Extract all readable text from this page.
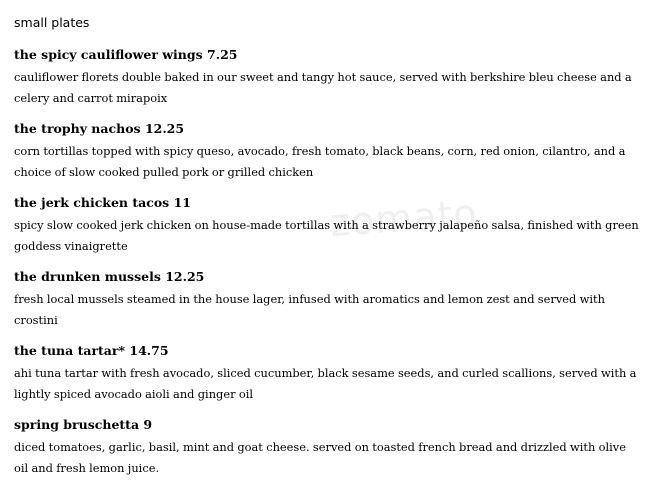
small plates
the spicy cauliflower wings 7.25

cauliflower florets double baked in our sweet and tangy hot sauce, served with berkshire bleu cheese and a celery and carrot mirapoix

the trophy nachos 12.25

corn tortillas topped with spicy queso, avocado, fresh tomato, black beans, corn, red onion, cilantro, and a choice of slow cooked pulled pork or grilled chicken

the jerk chicken tacos 11

spicy slow cooked jerk chicken on house-made tortillas with a strawberry jalapeño salsa, finished with green goddess vinaigrette

the drunken mussels 12.25

fresh local mussels steamed in the house lager, infused with aromatics and lemon zest and served with crostini

the tuna tartar* 14.75

ahi tuna tartar with fresh avocado, sliced cucumber, black sesame seeds, and curled scallions, served with a lightly spiced avocado aioli and ginger oil

spring bruschetta 9

diced tomatoes, garlic, basil, mint and goat cheese. served on toasted french bread and drizzled with olive oil and fresh lemon juice.

zomato
